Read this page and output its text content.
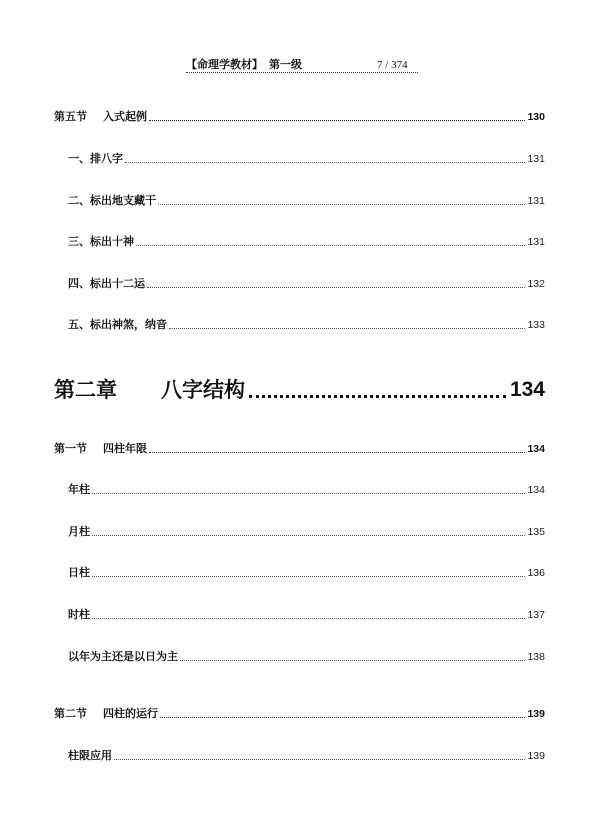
【命理学教材】 第一级	7 / 374
第五节 入式起例	130
一、排八字	131
二、标出地支藏干	131
三、标出十神	131
四、标出十二运	132
五、标出神煞，纳音	133
第二章 八字结构	134
第一节 四柱年限	134
年柱	134
月柱	135
日柱	136
时柱	137
以年为主还是以日为主	138
第二节 四柱的运行	139
柱限应用	139
